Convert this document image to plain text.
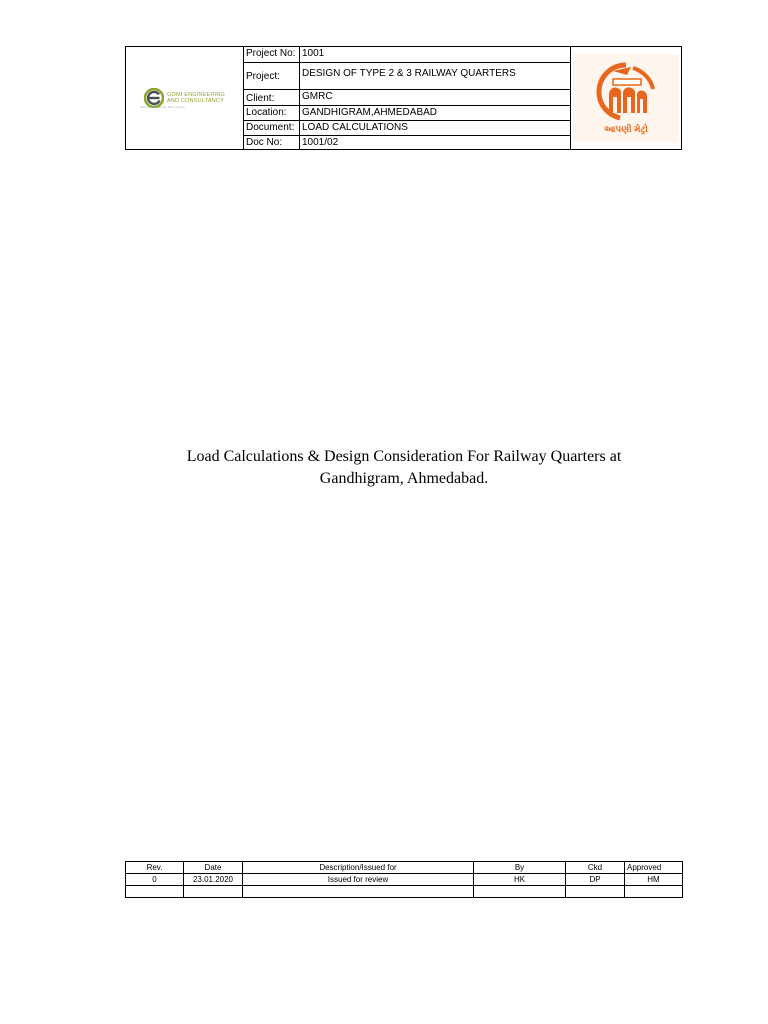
GOMI ENGINEERING
AND CONSULTANCY
think of engineering, think of gomi
Project No: 1001
Project:	DESIGN OF TYPE 2 & 3 RAILWAY QUARTERS
Client:	GMRC
Location:	GANDHIGRAM,AHMEDABAD
Document: LOAD CALCULATIONS
Doc No:	1001/02
આપણી મેટ્રો
Load Calculations & Design Consideration For Railway Quarters at
Gandhigram, Ahmedabad.
Rev.	Date	Description/Issued for	By	Ckd	Approved
0	23.01.2020	Issued for review	HK	DP	HM
